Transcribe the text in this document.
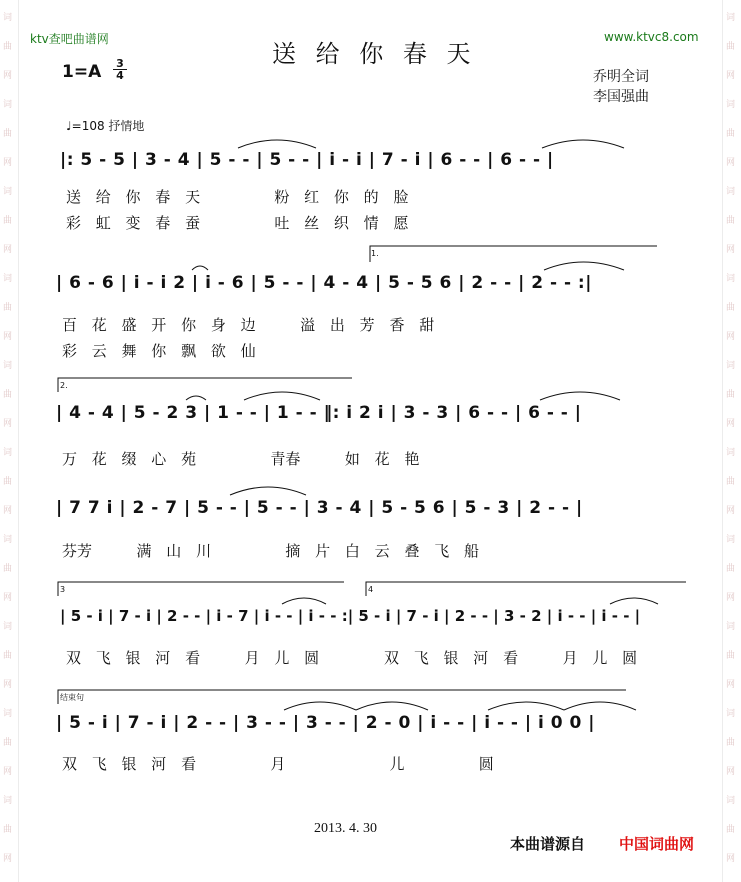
词
曲
网
词
曲
网
词
曲
网
词
曲
网
词
曲
网
词
曲
网
词
曲
网
词
曲
网
词
曲
网
词
曲
网
词
曲
网
词
曲
网
词
曲
网
词
曲
网
词
曲
网
词
曲
网
词
曲
网
词
曲
网
词
曲
网
词
曲
网
ktv查吧曲谱网	www.ktvc8.com
送 给 你 春 天
1=A 3
4	乔明全词
李国强曲
♩=108 抒情地
|: 5 - 5 | 3 - 4 | 5 - - | 5 - - | i - i | 7 - i | 6 - - | 6 - - |
送 给 你 春 天 　 　 粉 红 你 的 脸
彩 虹 变 春 蚕 　 　 吐 丝 织 情 愿
| 6 - 6 | i - i 2 | i - 6 | 5 - - | 4 - 4 | 5 - 5 6 | 2 - - | 2 - - :|
百 花 盛 开 你 身 边 　 溢 出 芳 香 甜
彩 云 舞 你 飘 欲 仙
| 4 - 4 | 5 - 2 3 | 1 - - | 1 - - ‖: i 2 i | 3 - 3 | 6 - - | 6 - - |
万 花 缀 心 苑 　 　 青春 　 如 花 艳
| 7 7 i | 2 - 7 | 5 - - | 5 - - | 3 - 4 | 5 - 5 6 | 5 - 3 | 2 - - |
芬芳 　 满 山 川 　 　 摘 片 白 云 叠 飞 船
| 5 - i | 7 - i | 2 - - | i - 7 | i - - | i - - :| 5 - i | 7 - i | 2 - - | 3 - 2 | i - - | i - - |
双 飞 银 河 看 　 月 儿 圆	双 飞 银 河 看 　 月 儿 圆
| 5 - i | 7 - i | 2 - - | 3 - - | 3 - - | 2 - 0 | i - - | i - - | i 0 0 |
双 飞 银 河 看 　 　 月 　 　 　 儿 　 　 圆
1.
2.
3	4
结束句
2013. 4. 30
本曲谱源自 中国词曲网
